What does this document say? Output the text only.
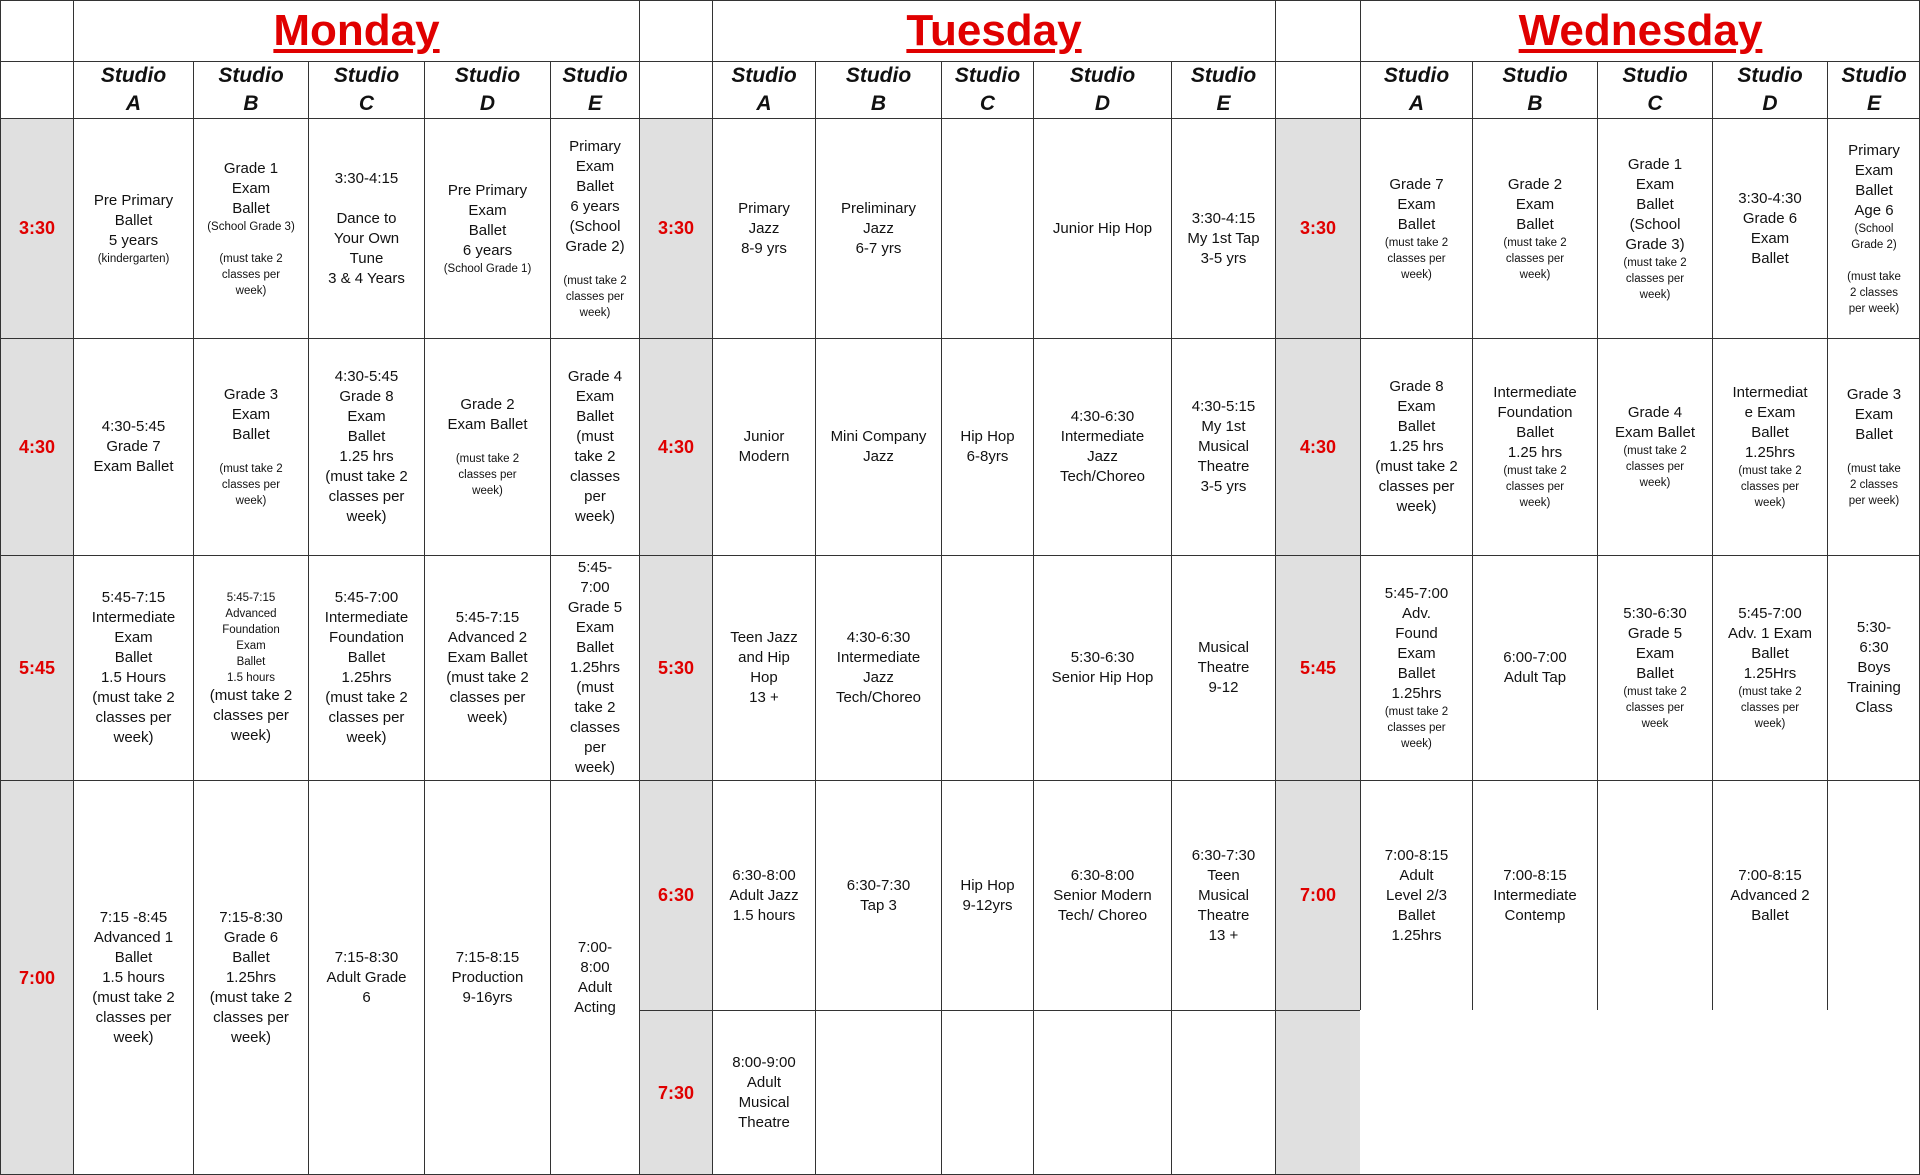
Monday
Studio
A
Studio
B
Studio
C
Studio
D
Studio
E
3:30
4:30
5:45
7:00
Pre Primary
Ballet
5 years
(kindergarten)
Grade 1
Exam
Ballet
(School Grade 3)

(must take 2
classes per
week)
3:30-4:15

Dance to
Your Own
Tune
3 & 4 Years
Pre Primary
Exam
Ballet
6 years
(School Grade 1)
Primary
Exam
Ballet
6 years
(School
Grade 2)

(must take 2
classes per
week)
4:30-5:45
Grade 7
Exam Ballet
Grade 3
Exam
Ballet

(must take 2
classes per
week)
4:30-5:45
Grade 8
Exam
Ballet
1.25 hrs
(must take 2
classes per
week)
Grade 2
Exam Ballet

(must take 2
classes per
week)
Grade 4
Exam
Ballet
(must
take 2
classes
per
week)
5:45-7:15
Intermediate
Exam
Ballet
1.5 Hours
(must take 2
classes per
week)
5:45-7:15
Advanced
Foundation
Exam
Ballet
1.5 hours
(must take 2
classes per
week)
5:45-7:00
Intermediate
Foundation
Ballet
1.25hrs
(must take 2
classes per
week)
5:45-7:15
Advanced 2
Exam Ballet
(must take 2
classes per
week)
5:45-
7:00
Grade 5
Exam
Ballet
1.25hrs
(must
take 2
classes
per
week)
7:15 -8:45
Advanced 1
Ballet
1.5 hours
(must take 2
classes per
week)
7:15-8:30
Grade 6
Ballet
1.25hrs
(must take 2
classes per
week)
7:15-8:30
Adult Grade
6
7:15-8:15
Production
9-16yrs
7:00-
8:00
Adult
Acting
Tuesday
Studio
A
Studio
B
Studio
C
Studio
D
Studio
E
3:30
4:30
5:30
6:30
7:30
Primary
Jazz
8-9 yrs
Preliminary
Jazz
6-7 yrs
Junior Hip Hop

3:30-4:15
My 1st Tap
3-5 yrs
Junior
Modern
Mini Company
Jazz
Hip Hop
6-8yrs
4:30-6:30
Intermediate
Jazz
Tech/Choreo
4:30-5:15
My 1st
Musical
Theatre
3-5 yrs
Teen Jazz
and Hip
Hop
13 +
4:30-6:30
Intermediate
Jazz
Tech/Choreo
5:30-6:30
Senior Hip Hop
Musical
Theatre
9-12
6:30-8:00
Adult Jazz
1.5 hours
6:30-7:30
Tap 3
Hip Hop
9-12yrs
6:30-8:00
Senior Modern
Tech/ Choreo
6:30-7:30
Teen
Musical
Theatre
13 +
8:00-9:00
Adult
Musical
Theatre
Wednesday
Studio
A
Studio
B
Studio
C
Studio
D
Studio
E
3:30
4:30
5:45
7:00
Grade 7
Exam
Ballet
(must take 2
classes per
week)
Grade 2
Exam
Ballet
(must take 2
classes per
week)
Grade 1
Exam
Ballet
(School
Grade 3)
(must take 2
classes per
week)
3:30-4:30
Grade 6
Exam
Ballet
Primary
Exam
Ballet
Age 6
(School
Grade 2)

(must take
2 classes
per week)
Grade 8
Exam
Ballet
1.25 hrs
(must take 2
classes per
week)
Intermediate
Foundation
Ballet
1.25 hrs
(must take 2
classes per
week)
Grade 4
Exam Ballet
(must take 2
classes per
week)
Intermediat
e Exam
Ballet
1.25hrs
(must take 2
classes per
week)
Grade 3
Exam
Ballet

(must take
2 classes
per week)
5:45-7:00
Adv.
Found
Exam
Ballet
1.25hrs
(must take 2
classes per
week)
6:00-7:00
Adult Tap
5:30-6:30
Grade 5
Exam
Ballet
(must take 2
classes per
week
5:45-7:00
Adv. 1 Exam
Ballet
1.25Hrs
(must take 2
classes per
week)
5:30-
6:30
Boys
Training
Class
7:00-8:15
Adult
Level 2/3
Ballet
1.25hrs
7:00-8:15
Intermediate
Contemp
7:00-8:15
Advanced 2
Ballet
